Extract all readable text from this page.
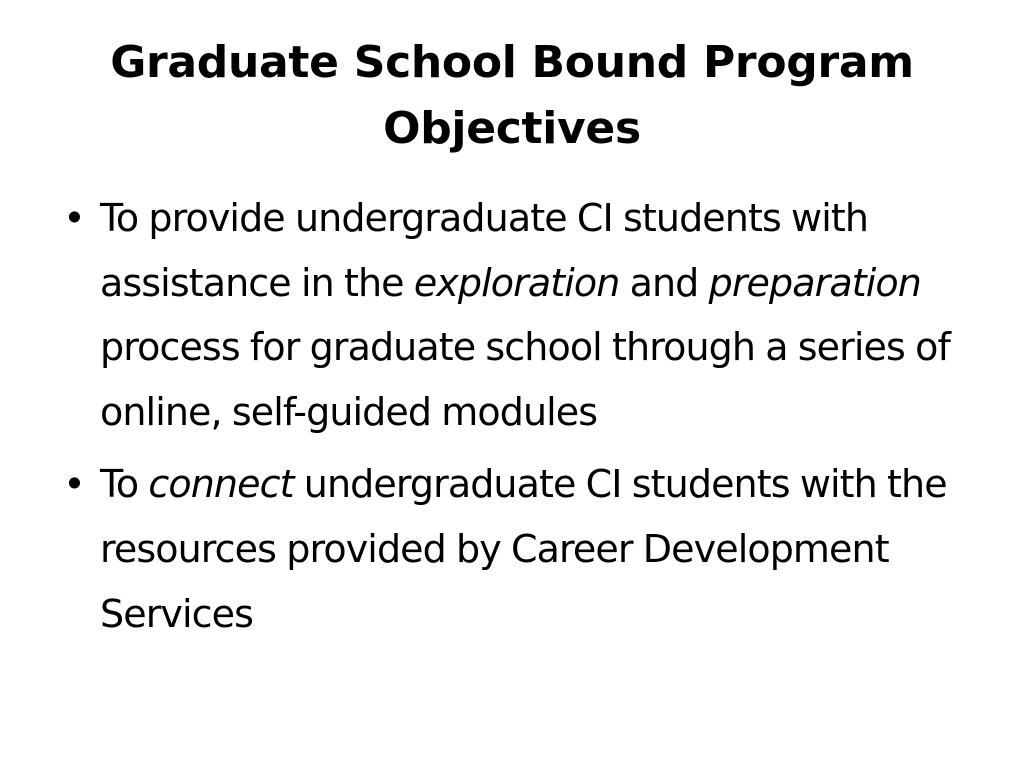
Graduate School Bound Program
Objectives
• To provide undergraduate CI students with assistance in the exploration and preparation process for graduate school through a series of online, self-guided modules
• To connect undergraduate CI students with the resources provided by Career Development Services
